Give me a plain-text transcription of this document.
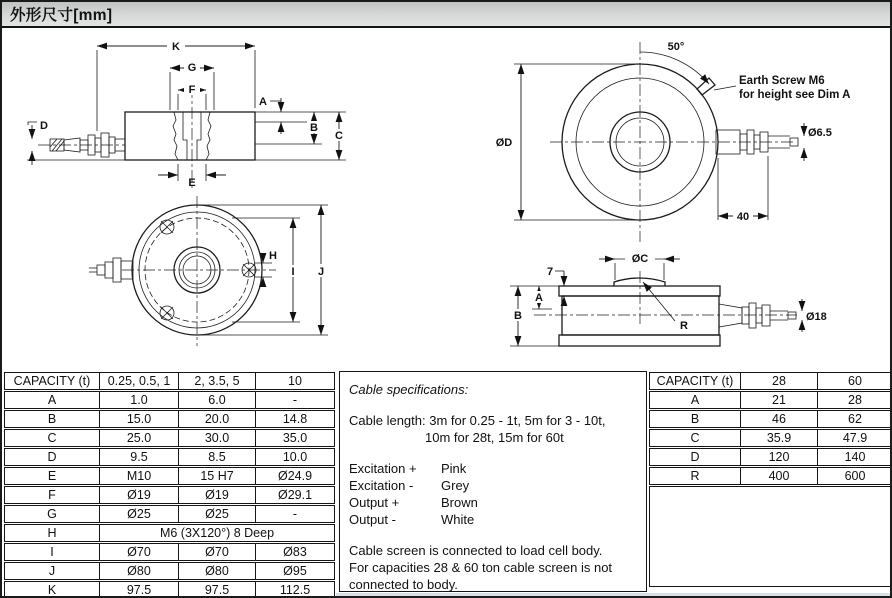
外形尺寸[mm]
K
G
F
A
B
C
D
E
J
I
H
50°
Earth Screw M6
for height see Dim A
ØD
Ø6.5
40
ØC
7
A
B
R
Ø18
CAPACITY (t)	0.25, 0.5, 1	2, 3.5, 5	10
A	1.0	6.0	-
B	15.0	20.0	14.8
C	25.0	30.0	35.0
D	9.5	8.5	10.0
E	M10	15 H7	Ø24.9
F	Ø19	Ø19	Ø29.1
G	Ø25	Ø25	-
H	M6 (3X120°) 8 Deep
I	Ø70	Ø70	Ø83
J	Ø80	Ø80	Ø95
K	97.5	97.5	112.5
Cable specifications:
Cable length: 3m for 0.25 - 1t, 5m for 3 - 10t,
10m for 28t, 15m for 60t
Excitation +	Pink
Excitation -	Grey
Output +	Brown
Output -	White
Cable screen is connected to load cell body.
For capacities 28 & 60 ton cable screen is not
connected to body.
CAPACITY (t)	28	60
A	21	28
B	46	62
C	35.9	47.9
D	120	140
R	400	600
